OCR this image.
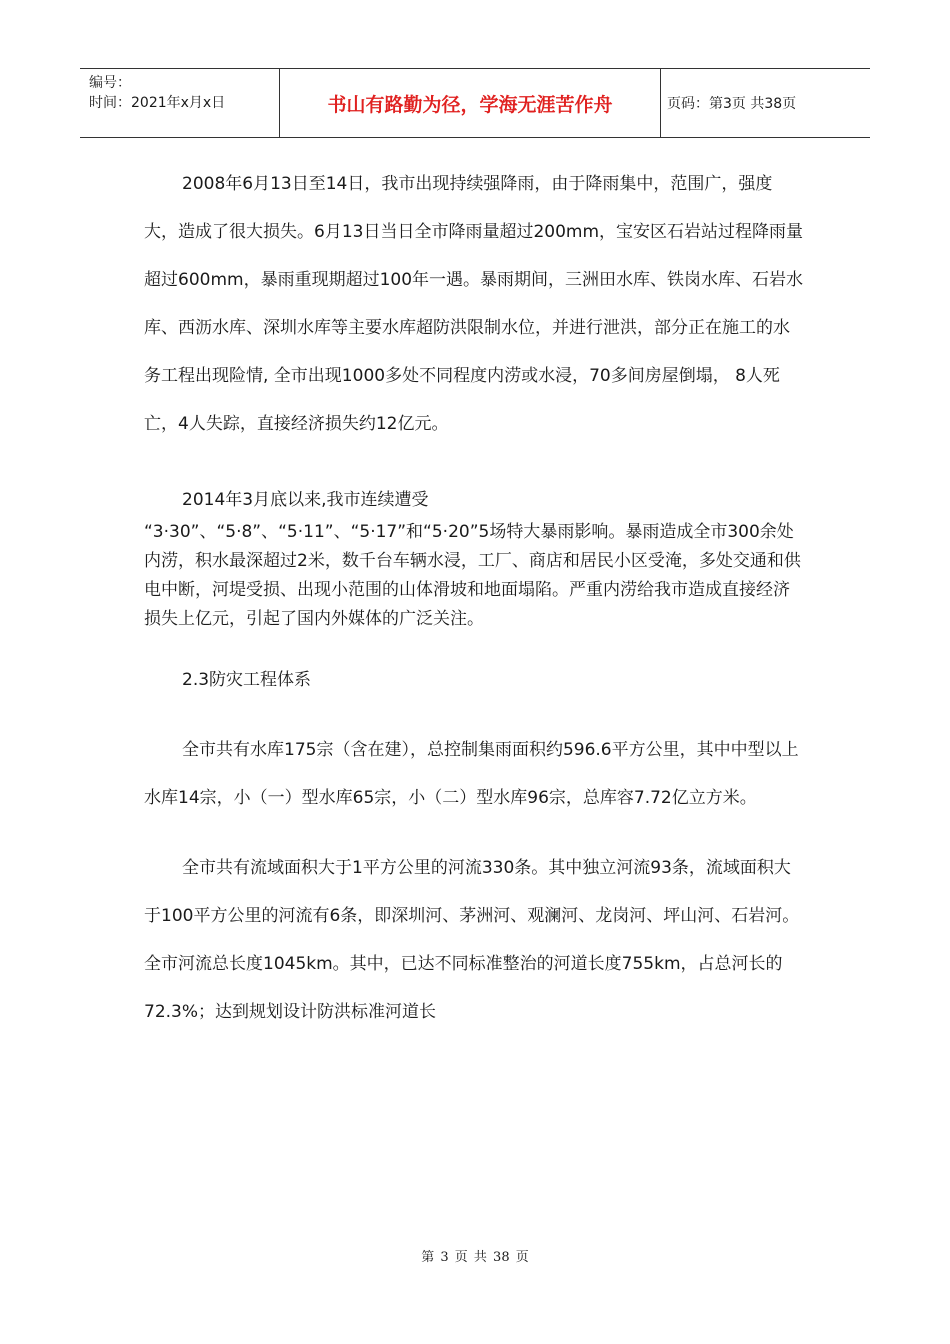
编号：
时间：2021年x月x日	书山有路勤为径，学海无涯苦作舟	页码：第3页 共38页

2008年6月13日至14日，我市出现持续强降雨，由于降雨集中，范围广，强度大，造成了很大损失。6月13日当日全市降雨量超过200mm，宝安区石岩站过程降雨量超过600mm，暴雨重现期超过100年一遇。暴雨期间，三洲田水库、铁岗水库、石岩水库、西沥水库、深圳水库等主要水库超防洪限制水位，并进行泄洪，部分正在施工的水务工程出现险情, 全市出现1000多处不同程度内涝或水浸，70多间房屋倒塌， 8人死亡，4人失踪，直接经济损失约12亿元。

2014年3月底以来,我市连续遭受

“3·30”、“5·8”、“5·11”、“5·17”和“5·20”5场特大暴雨影响。暴雨造成全市300余处内涝，积水最深超过2米，数千台车辆水浸，工厂、商店和居民小区受淹，多处交通和供电中断，河堤受损、出现小范围的山体滑坡和地面塌陷。严重内涝给我市造成直接经济损失上亿元，引起了国内外媒体的广泛关注。

2.3防灾工程体系

全市共有水库175宗（含在建），总控制集雨面积约596.6平方公里，其中中型以上水库14宗，小（一）型水库65宗，小（二）型水库96宗，总库容7.72亿立方米。

全市共有流域面积大于1平方公里的河流330条。其中独立河流93条，流域面积大于100平方公里的河流有6条，即深圳河、茅洲河、观澜河、龙岗河、坪山河、石岩河。全市河流总长度1045km。其中，已达不同标准整治的河道长度755km，占总河长的72.3%；达到规划设计防洪标准河道长

第 3 页 共 38 页
